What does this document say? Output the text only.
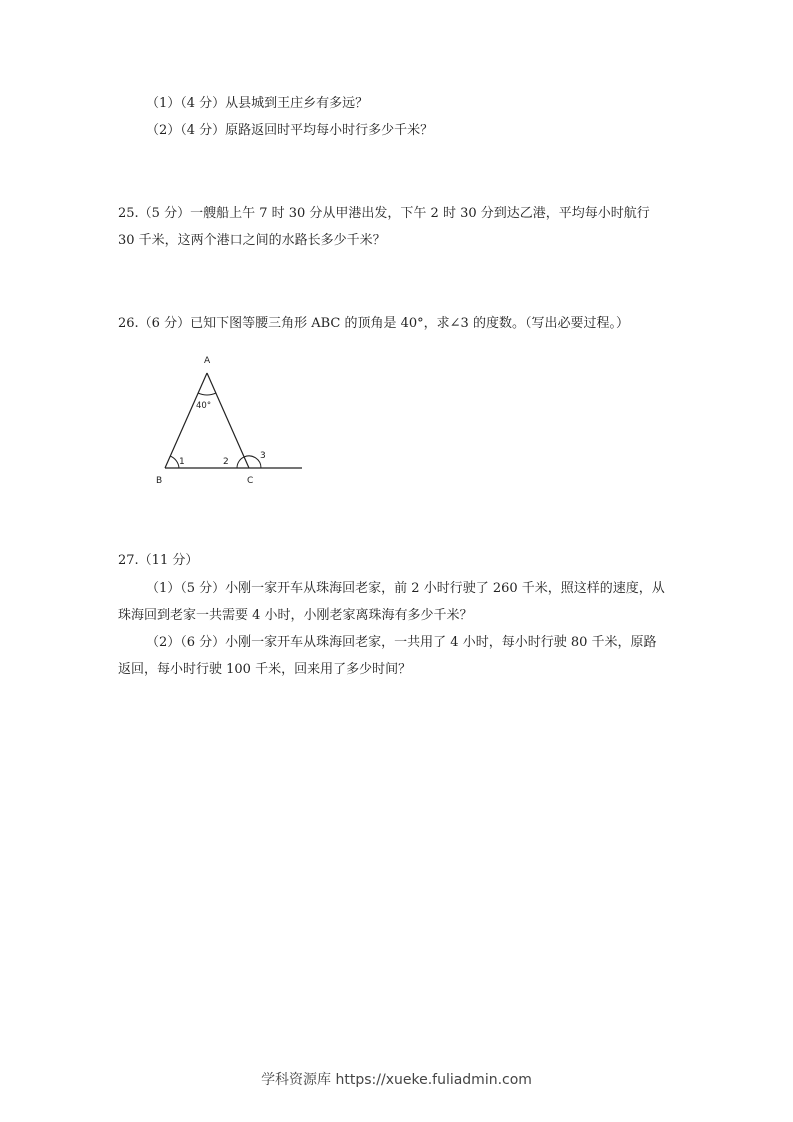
（1）（4 分）从县城到王庄乡有多远？
（2）（4 分）原路返回时平均每小时行多少千米？
25.（5 分）一艘船上午 7 时 30 分从甲港出发，下午 2 时 30 分到达乙港，平均每小时航行
30 千米，这两个港口之间的水路长多少千米？
26.（6 分）已知下图等腰三角形 ABC 的顶角是 40°，求∠3 的度数。（写出必要过程。）
A
B	C
40°
1	2
3
27.（11 分）
（1）（5 分）小刚一家开车从珠海回老家，前 2 小时行驶了 260 千米，照这样的速度，从
珠海回到老家一共需要 4 小时，小刚老家离珠海有多少千米？
（2）（6 分）小刚一家开车从珠海回老家，一共用了 4 小时，每小时行驶 80 千米，原路
返回，每小时行驶 100 千米，回来用了多少时间？
学科资源库 https://xueke.fuliadmin.com
